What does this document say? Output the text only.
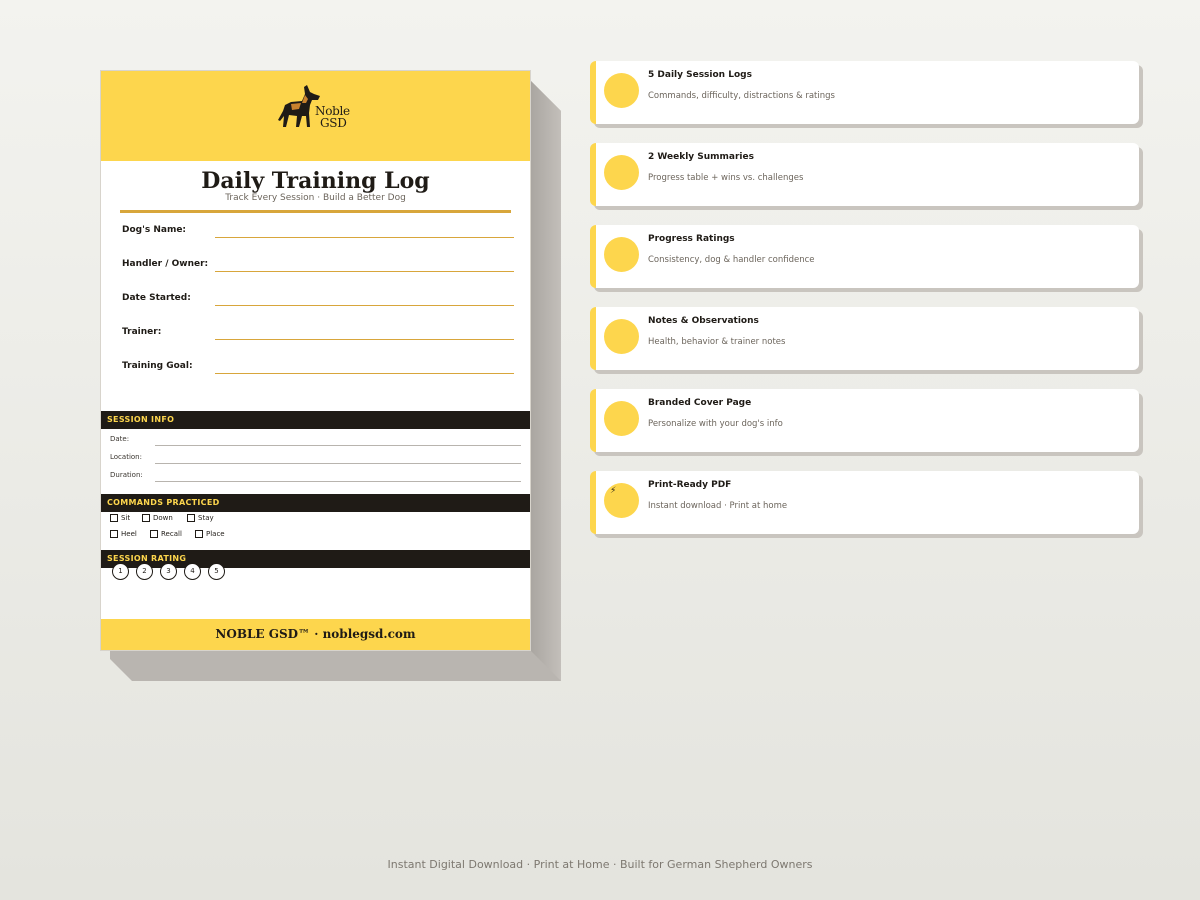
Noble
GSD
Daily Training Log
Track Every Session · Build a Better Dog
Dog's Name:
Handler / Owner:
Date Started:
Trainer:
Training Goal:
SESSION INFO
Date:
Location:
Duration:
COMMANDS PRACTICED
Sit	Down	Stay
Heel	Recall	Place
SESSION RATING
1	2	3	4	5
NOBLE GSD™ · noblegsd.com
5 Daily Session Logs
Commands, difficulty, distractions & ratings
2 Weekly Summaries
Progress table + wins vs. challenges
Progress Ratings
Consistency, dog & handler confidence
Notes & Observations
Health, behavior & trainer notes
Branded Cover Page
Personalize with your dog's info
⚡
Print-Ready PDF
Instant download · Print at home
Instant Digital Download · Print at Home · Built for German Shepherd Owners
